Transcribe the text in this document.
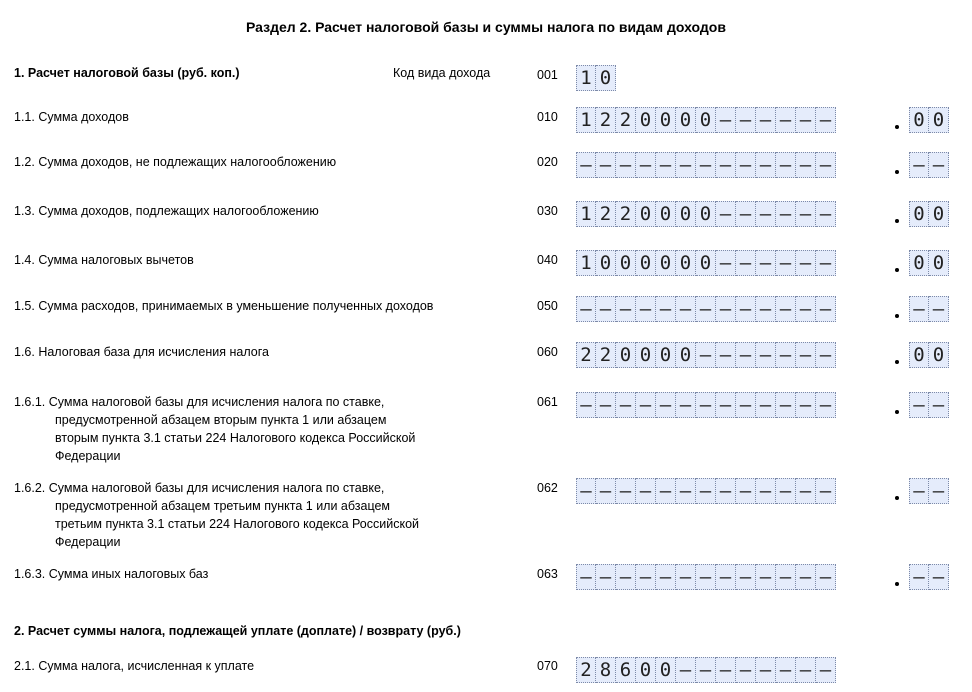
Раздел 2. Расчет налоговой базы и суммы налога по видам доходов
1. Расчет налоговой базы (руб. коп.)	Код вида дохода	001 1 0
1.1. Сумма доходов	010 1 2 2 0 0 0 0 – – – – – –	0 0
1.2. Сумма доходов, не подлежащих налогообложению	020 – – – – – – – – – – – – –	– –
1.3. Сумма доходов, подлежащих налогообложению	030 1 2 2 0 0 0 0 – – – – – –	0 0
1.4. Сумма налоговых вычетов	040 1 0 0 0 0 0 0 – – – – – –	0 0
1.5. Сумма расходов, принимаемых в уменьшение полученных доходов	050 – – – – – – – – – – – – –	– –
1.6. Налоговая база для исчисления налога	060 2 2 0 0 0 0 – – – – – – –	0 0
1.6.1. Сумма налоговой базы для исчисления налога по ставке,
предусмотренной абзацем вторым пункта 1 или абзацем
вторым пункта 3.1 статьи 224 Налогового кодекса Российской
Федерации
061 – – – – – – – – – – – – –	– –
1.6.2. Сумма налоговой базы для исчисления налога по ставке,
предусмотренной абзацем третьим пункта 1 или абзацем
третьим пункта 3.1 статьи 224 Налогового кодекса Российской
Федерации
062 – – – – – – – – – – – – –	– –
1.6.3. Сумма иных налоговых баз	063 – – – – – – – – – – – – –	– –
2. Расчет суммы налога, подлежащей уплате (доплате) / возврату (руб.)
2.1. Сумма налога, исчисленная к уплате	070 2 8 6 0 0 – – – – – – – –
